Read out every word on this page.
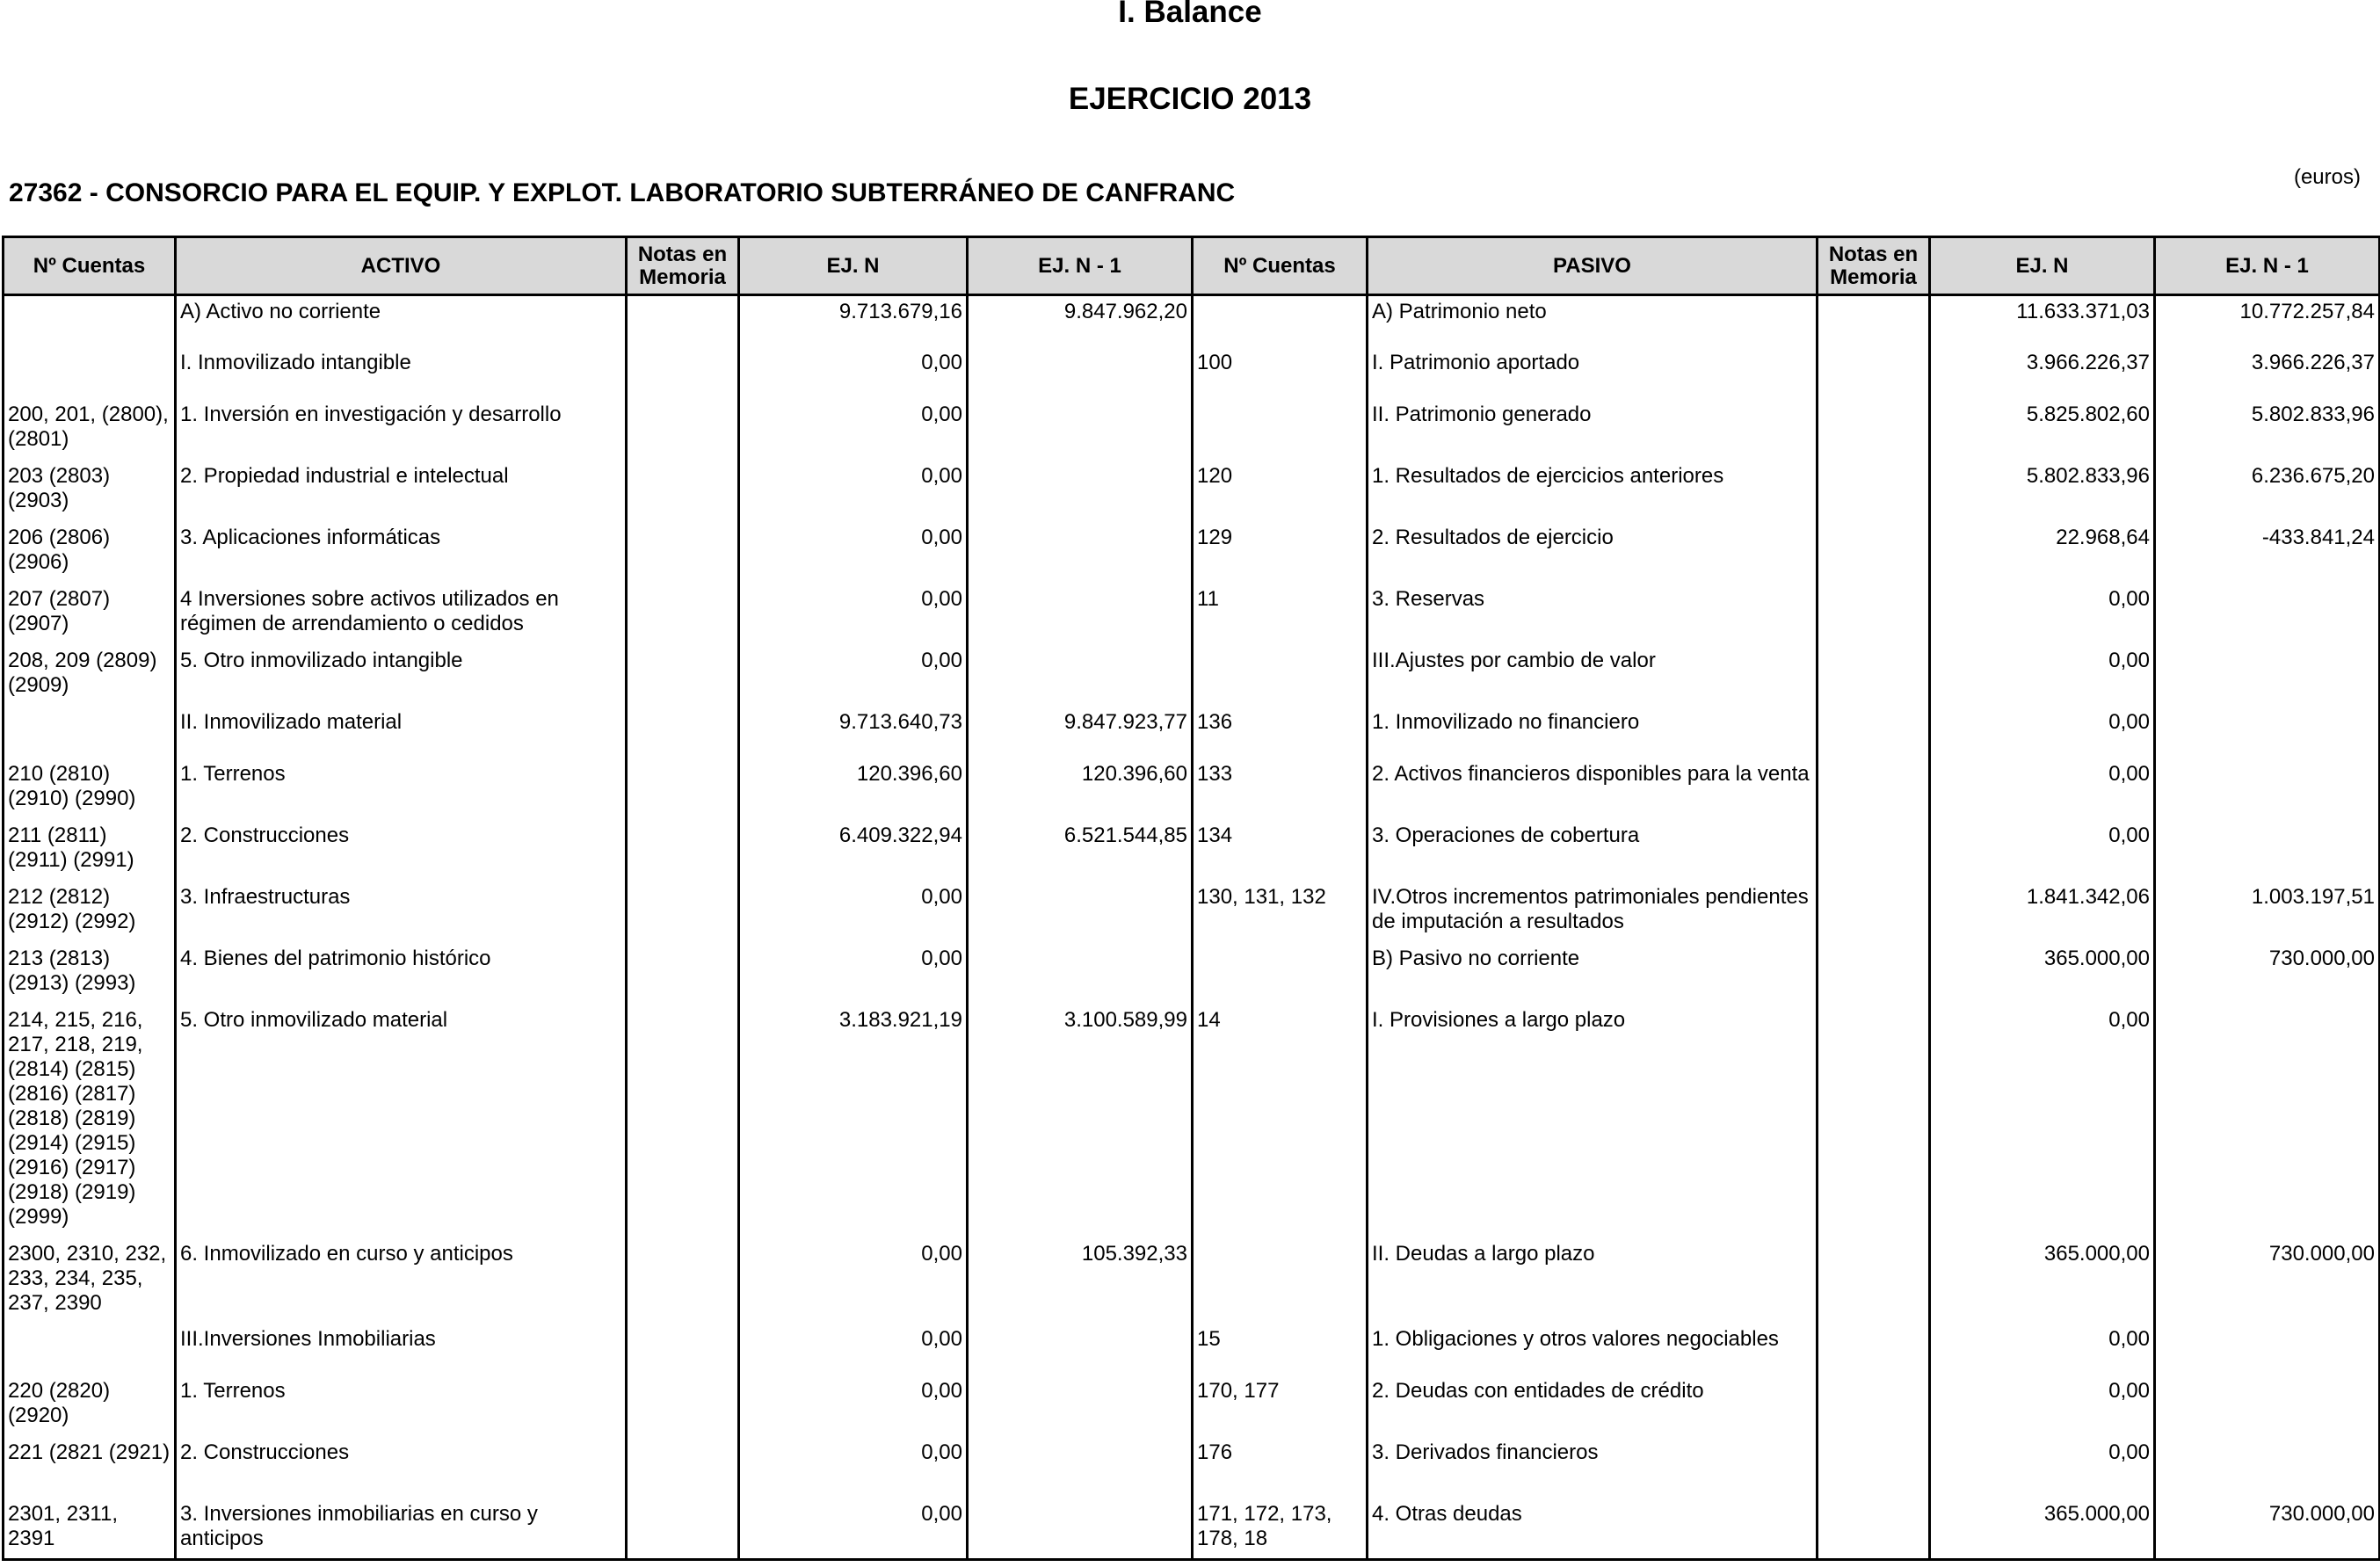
I. Balance
EJERCICIO 2013
27362 - CONSORCIO PARA EL EQUIP. Y EXPLOT. LABORATORIO SUBTERRÁNEO DE CANFRANC
(euros)
Nº Cuentas	ACTIVO	Notas en Memoria	EJ. N	EJ. N - 1	Nº Cuentas	PASIVO	Notas en Memoria	EJ. N	EJ. N - 1
	A) Activo no corriente		9.713.679,16	9.847.962,20		A) Patrimonio neto		11.633.371,03	10.772.257,84
	I. Inmovilizado intangible		0,00		100	I. Patrimonio aportado		3.966.226,37	3.966.226,37
200, 201, (2800), (2801)	1. Inversión en investigación y desarrollo		0,00			II. Patrimonio generado		5.825.802,60	5.802.833,96
203 (2803) (2903)	2. Propiedad industrial e intelectual		0,00		120	1. Resultados de ejercicios anteriores		5.802.833,96	6.236.675,20
206 (2806) (2906)	3. Aplicaciones informáticas		0,00		129	2. Resultados de ejercicio		22.968,64	-433.841,24
207 (2807) (2907)	4 Inversiones sobre activos utilizados en régimen de arrendamiento o cedidos		0,00		11	3. Reservas		0,00	
208, 209 (2809) (2909)	5. Otro inmovilizado intangible		0,00			III.Ajustes por cambio de valor		0,00	
	II. Inmovilizado material		9.713.640,73	9.847.923,77	136	1. Inmovilizado no financiero		0,00	
210 (2810) (2910) (2990)	1. Terrenos		120.396,60	120.396,60	133	2. Activos financieros disponibles para la venta		0,00	
211 (2811) (2911) (2991)	2. Construcciones		6.409.322,94	6.521.544,85	134	3. Operaciones de cobertura		0,00	
212 (2812) (2912) (2992)	3. Infraestructuras		0,00		130, 131, 132	IV.Otros incrementos patrimoniales pendientes de imputación a resultados		1.841.342,06	1.003.197,51
213 (2813) (2913) (2993)	4. Bienes del patrimonio histórico		0,00			B) Pasivo no corriente		365.000,00	730.000,00
214, 215, 216, 217, 218, 219, (2814) (2815) (2816) (2817) (2818) (2819) (2914) (2915) (2916) (2917) (2918) (2919) (2999)	5. Otro inmovilizado material		3.183.921,19	3.100.589,99	14	I. Provisiones a largo plazo		0,00	
2300, 2310, 232, 233, 234, 235, 237, 2390	6. Inmovilizado en curso y anticipos		0,00	105.392,33		II. Deudas a largo plazo		365.000,00	730.000,00
	III.Inversiones Inmobiliarias		0,00		15	1. Obligaciones y otros valores negociables		0,00	
220 (2820) (2920)	1. Terrenos		0,00		170, 177	2. Deudas con entidades de crédito		0,00	
221 (2821 (2921)	2. Construcciones		0,00		176	3. Derivados financieros		0,00	
2301, 2311, 2391	3. Inversiones inmobiliarias en curso y anticipos		0,00		171, 172, 173, 178, 18	4. Otras deudas		365.000,00	730.000,00
